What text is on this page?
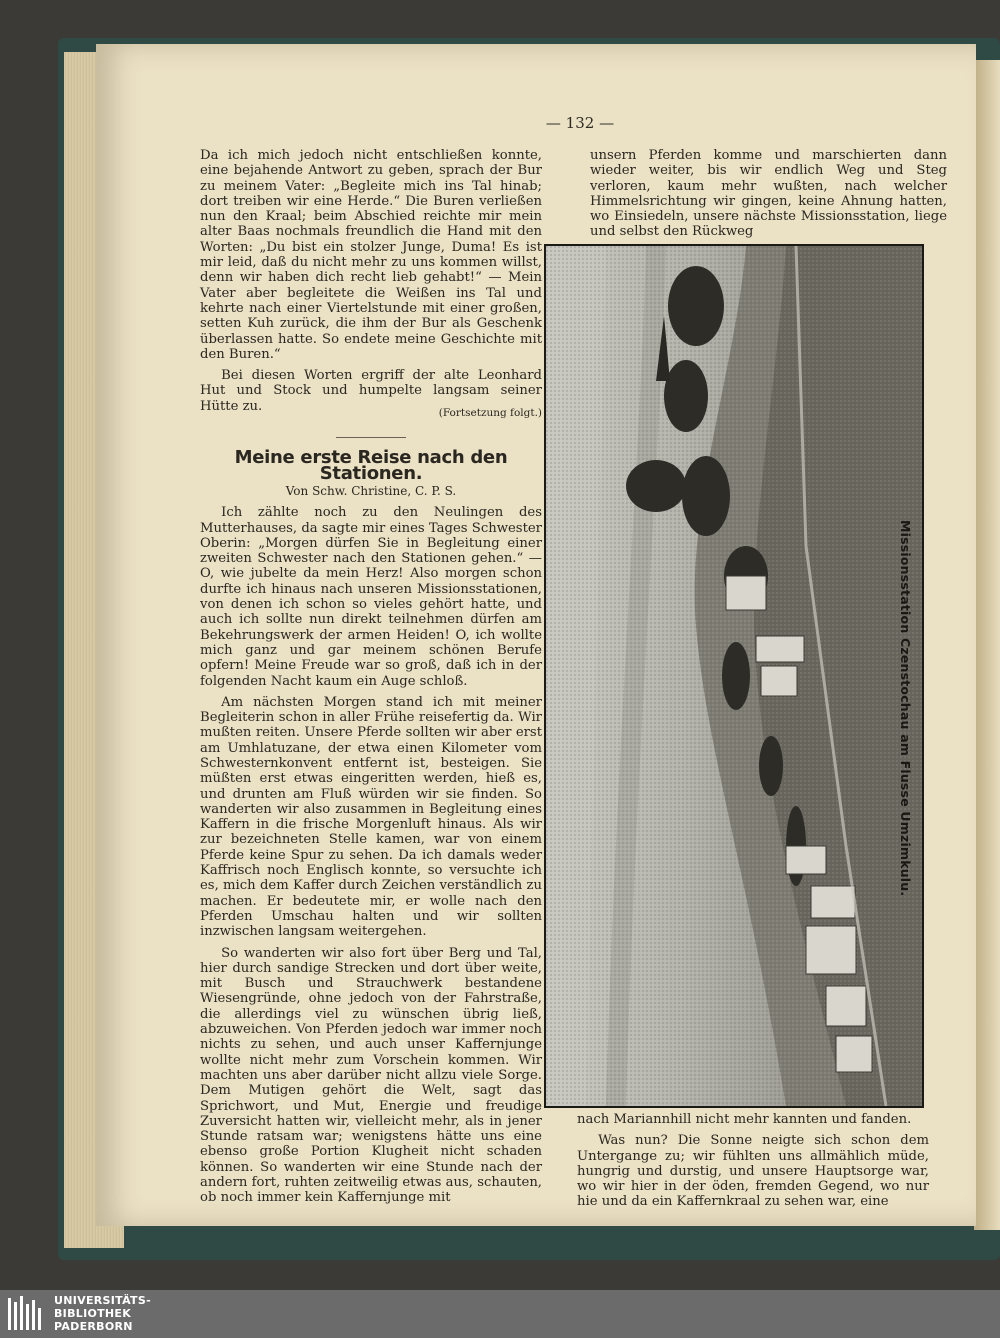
— 132 —

Da ich mich jedoch nicht entschließen konnte, eine bejahende Antwort zu geben, sprach der Bur zu meinem Vater: „Begleite mich ins Tal hinab; dort treiben wir eine Herde.“ Die Buren verließen nun den Kraal; beim Abschied reichte mir mein alter Baas nochmals freundlich die Hand mit den Worten: „Du bist ein stolzer Junge, Duma! Es ist mir leid, daß du nicht mehr zu uns kommen willst, denn wir haben dich recht lieb gehabt!“ — Mein Vater aber begleitete die Weißen ins Tal und kehrte nach einer Viertelstunde mit einer großen, setten Kuh zurück, die ihm der Bur als Geschenk überlassen hatte. So endete meine Geschichte mit den Buren.“

Bei diesen Worten ergriff der alte Leonhard Hut und Stock und humpelte langsam seiner Hütte zu.	(Fortsetzung folgt.)
Meine erste Reise nach den Stationen.
Von Schw. Christine, C. P. S.

Ich zählte noch zu den Neulingen des Mutterhauses, da sagte mir eines Tages Schwester Oberin: „Morgen dürfen Sie in Begleitung einer zweiten Schwester nach den Stationen gehen.“ — O, wie jubelte da mein Herz! Also morgen schon durfte ich hinaus nach unseren Missionsstationen, von denen ich schon so vieles gehört hatte, und auch ich sollte nun direkt teilnehmen dürfen am Bekehrungswerk der armen Heiden! O, ich wollte mich ganz und gar meinem schönen Berufe opfern! Meine Freude war so groß, daß ich in der folgenden Nacht kaum ein Auge schloß.

Am nächsten Morgen stand ich mit meiner Begleiterin schon in aller Frühe reisefertig da. Wir mußten reiten. Unsere Pferde sollten wir aber erst am Umhlatuzane, der etwa einen Kilometer vom Schwesternkonvent entfernt ist, besteigen. Sie müßten erst etwas eingeritten werden, hieß es, und drunten am Fluß würden wir sie finden. So wanderten wir also zusammen in Begleitung eines Kaffern in die frische Morgenluft hinaus. Als wir zur bezeichneten Stelle kamen, war von einem Pferde keine Spur zu sehen. Da ich damals weder Kaffrisch noch Englisch konnte, so versuchte ich es, mich dem Kaffer durch Zeichen verständlich zu machen. Er bedeutete mir, er wolle nach den Pferden Umschau halten und wir sollten inzwischen langsam weitergehen.

So wanderten wir also fort über Berg und Tal, hier durch sandige Strecken und dort über weite, mit Busch und Strauchwerk bestandene Wiesengründe, ohne jedoch von der Fahrstraße, die allerdings viel zu wünschen übrig ließ, abzuweichen. Von Pferden jedoch war immer noch nichts zu sehen, und auch unser Kaffernjunge wollte nicht mehr zum Vorschein kommen. Wir machten uns aber darüber nicht allzu viele Sorge. Dem Mutigen gehört die Welt, sagt das Sprichwort, und Mut, Energie und freudige Zuversicht hatten wir, vielleicht mehr, als in jener Stunde ratsam war; wenigstens hätte uns eine ebenso große Portion Klugheit nicht schaden können. So wanderten wir eine Stunde nach der andern fort, ruhten zeitweilig etwas aus, schauten, ob noch immer kein Kaffernjunge mit

unsern Pferden komme und marschierten dann wieder weiter, bis wir endlich Weg und Steg verloren, kaum mehr wußten, nach welcher Himmelsrichtung wir gingen, keine Ahnung hatten, wo Einsiedeln, unsere nächste Missionsstation, liege und selbst den Rückweg

Missionsstation Czenstochau am Flusse Umzimkulu.

nach Mariannhill nicht mehr kannten und fanden.

Was nun? Die Sonne neigte sich schon dem Untergange zu; wir fühlten uns allmählich müde, hungrig und durstig, und unsere Hauptsorge war, wo wir hier in der öden, fremden Gegend, wo nur hie und da ein Kaffernkraal zu sehen war, eine

UNIVERSITÄTS-
BIBLIOTHEK
PADERBORN
